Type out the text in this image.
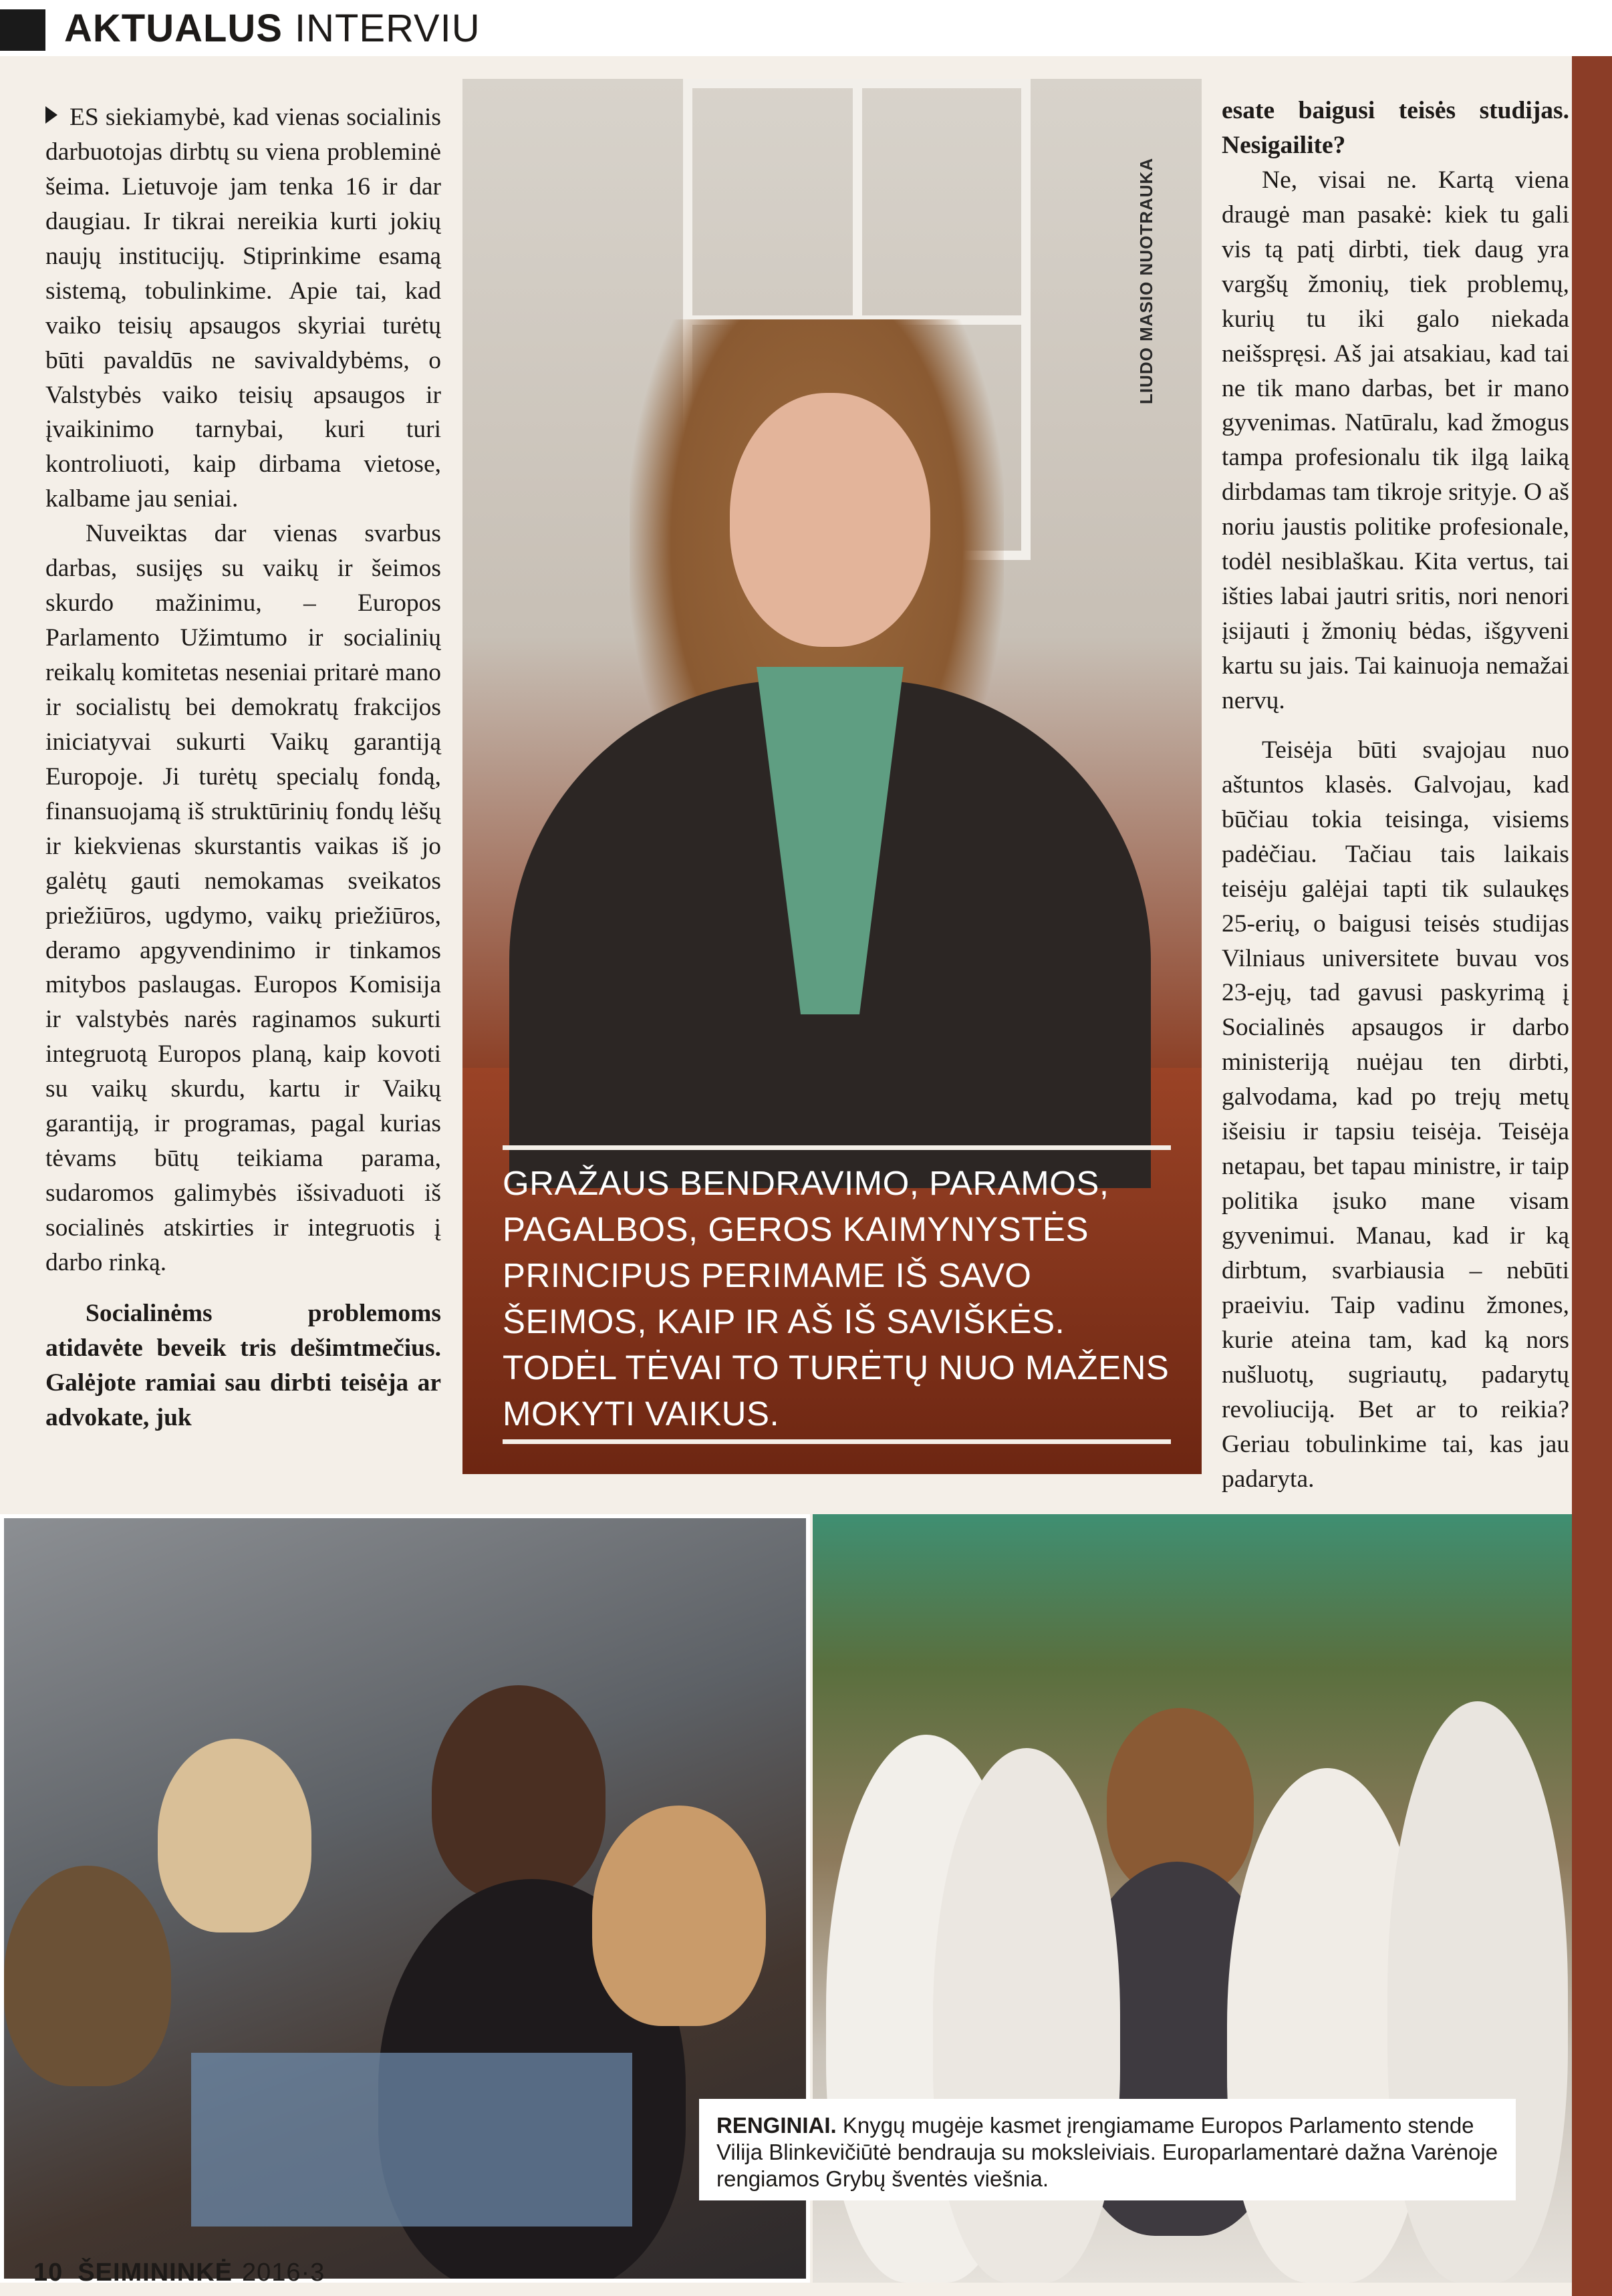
AKTUALUS INTERVIU

ES siekiamybė, kad vienas socialinis darbuotojas dirbtų su viena probleminė šeima. Lietuvoje jam tenka 16 ir dar daugiau. Ir tikrai nereikia kurti jokių naujų institucijų. Stiprinkime esamą sistemą, tobulinkime. Apie tai, kad vaiko teisių apsaugos skyriai turėtų būti pavaldūs ne savivaldybėms, o Valstybės vaiko teisių apsaugos ir įvaikinimo tarnybai, kuri turi kontroliuoti, kaip dirbama vietose, kalbame jau seniai.

Nuveiktas dar vienas svarbus darbas, susijęs su vaikų ir šeimos skurdo mažinimu, – Europos Parlamento Užimtumo ir socialinių reikalų komitetas neseniai pritarė mano ir socialistų bei demokratų frakcijos iniciatyvai sukurti Vaikų garantiją Europoje. Ji turėtų specialų fondą, finansuojamą iš struktūrinių fondų lėšų ir kiekvienas skurstantis vaikas iš jo galėtų gauti nemokamas sveikatos priežiūros, ugdymo, vaikų priežiūros, deramo apgyvendinimo ir tinkamos mitybos paslaugas. Europos Komisija ir valstybės narės raginamos sukurti integruotą Europos planą, kaip kovoti su vaikų skurdu, kartu ir Vaikų garantiją, ir programas, pagal kurias tėvams būtų teikiama parama, sudaromos galimybės išsivaduoti iš socialinės atskirties ir integruotis į darbo rinką.

Socialinėms problemoms atidavėte beveik tris dešimtmečius. Galėjote ramiai sau dirbti teisėja ar advokate, juk

LIUDO MASIO NUOTRAUKA
GRAŽAUS BENDRAVIMO, PARAMOS, PAGALBOS, GEROS KAIMYNYSTĖS PRINCIPUS PERIMAME IŠ SAVO ŠEIMOS, KAIP IR AŠ IŠ SAVIŠKĖS. TODĖL TĖVAI TO TURĖTŲ NUO MAŽENS MOKYTI VAIKUS.

esate baigusi teisės studijas. Nesigailite?

Ne, visai ne. Kartą viena draugė man pasakė: kiek tu gali vis tą patį dirbti, tiek daug yra vargšų žmonių, tiek problemų, kurių tu iki galo niekada neišspręsi. Aš jai atsakiau, kad tai ne tik mano darbas, bet ir mano gyvenimas. Natūralu, kad žmogus tampa profesionalu tik ilgą laiką dirbdamas tam tikroje srityje. O aš noriu jaustis politike profesionale, todėl nesiblaškau. Kita vertus, tai išties labai jautri sritis, nori nenori įsijauti į žmonių bėdas, išgyveni kartu su jais. Tai kainuoja nemažai nervų.

Teisėja būti svajojau nuo aštuntos klasės. Galvojau, kad būčiau tokia teisinga, visiems padėčiau. Tačiau tais laikais teisėju galėjai tapti tik sulaukęs 25-erių, o baigusi teisės studijas Vilniaus universitete buvau vos 23-ejų, tad gavusi paskyrimą į Socialinės apsaugos ir darbo ministeriją nuėjau ten dirbti, galvodama, kad po trejų metų išeisiu ir tapsiu teisėja. Teisėja netapau, bet tapau ministre, ir taip politika įsuko mane visam gyvenimui. Manau, kad ir ką dirbtum, svarbiausia – nebūti praeiviu. Taip vadinu žmones, kurie ateina tam, kad ką nors nušluotų, sugriautų, padarytų revoliuciją. Bet ar to reikia? Geriau tobulinkime tai, kas jau padaryta.

RENGINIAI. Knygų mugėje kasmet įrengiamame Europos Parlamento stende Vilija Blinkevičiūtė bendrauja su moksleiviais. Europarlamentarė dažna Varėnoje rengiamos Grybų šventės viešnia.
10 ŠEIMININKĖ 2016·3
